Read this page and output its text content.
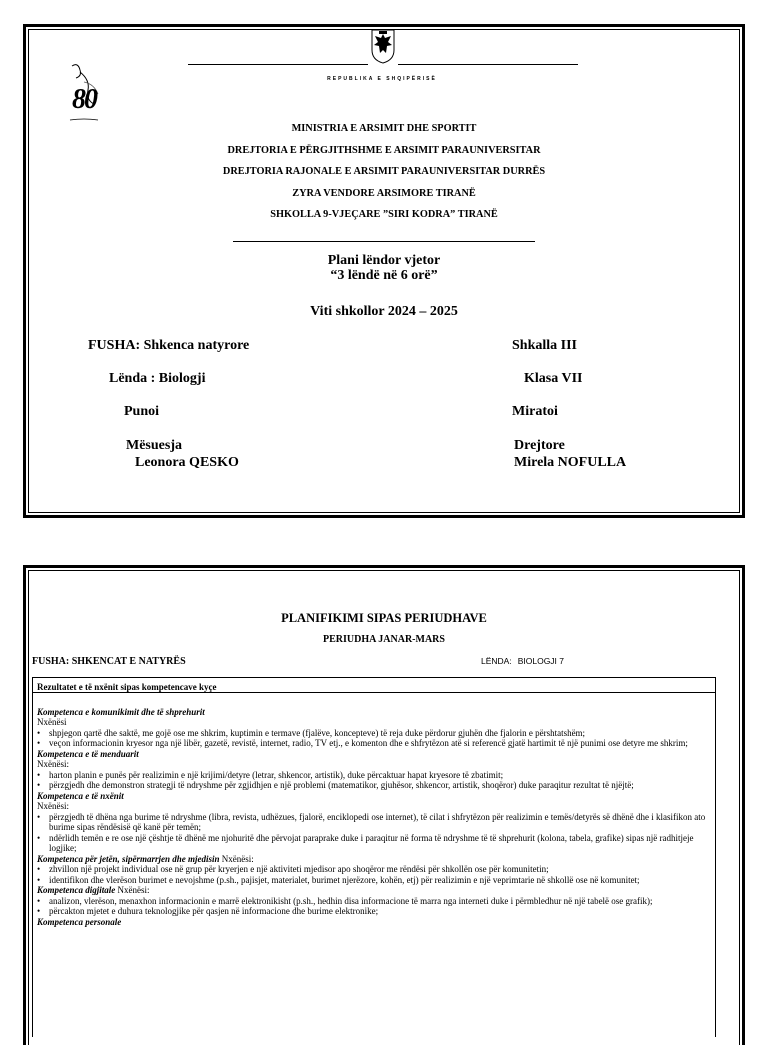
REPUBLIKA E SHQIPËRISË
80
MINISTRIA E ARSIMIT DHE SPORTIT
DREJTORIA E PËRGJITHSHME E ARSIMIT PARAUNIVERSITAR
DREJTORIA RAJONALE E ARSIMIT PARAUNIVERSITAR DURRËS
ZYRA VENDORE ARSIMORE TIRANË
SHKOLLA 9-VJEÇARE ”SIRI KODRA” TIRANË
Plani lëndor vjetor
“3 lëndë në 6 orë”
Viti shkollor 2024 – 2025
FUSHA: Shkenca natyrore	Shkalla III
Lënda : Biologji	Klasa VII
Punoi	Miratoi
Mësuesja
Leonora QESKO
Drejtore
Mirela NOFULLA
PLANIFIKIMI SIPAS PERIUDHAVE
PERIUDHA JANAR-MARS
FUSHA: SHKENCAT E NATYRËS	LËNDA: BIOLOGJI 7
Rezultatet e të nxënit sipas kompetencave kyçe
Kompetenca e komunikimit dhe të shprehurit
Nxënësi
• shpjegon qartë dhe saktë, me gojë ose me shkrim, kuptimin e termave (fjalëve, koncepteve) të reja duke përdorur gjuhën dhe fjalorin e përshtatshëm;
• veçon informacionin kryesor nga një libër, gazetë, revistë, internet, radio, TV etj., e komenton dhe e shfrytëzon atë si referencë gjatë hartimit të një punimi ose detyre me shkrim;
Kompetenca e të menduarit
Nxënësi:
• harton planin e punës për realizimin e një krijimi/detyre (letrar, shkencor, artistik), duke përcaktuar hapat kryesore të zbatimit;
• përzgjedh dhe demonstron strategji të ndryshme për zgjidhjen e një problemi (matematikor, gjuhësor, shkencor, artistik, shoqëror) duke paraqitur rezultat të njëjtë;
Kompetenca e të nxënit
Nxënësi:
• përzgjedh të dhëna nga burime të ndryshme (libra, revista, udhëzues, fjalorë, enciklopedi ose internet), të cilat i shfrytëzon për realizimin e temës/detyrës së dhënë dhe i klasifikon ato burime sipas rëndësisë që kanë për temën;
• ndërlidh temën e re ose një çështje të dhënë me njohuritë dhe përvojat paraprake duke i paraqitur në forma të ndryshme të të shprehurit (kolona, tabela, grafike) sipas një radhitjeje logjike;
Kompetenca për jetën, sipërmarrjen dhe mjedisin Nxënësi:
• zhvillon një projekt individual ose në grup për kryerjen e një aktiviteti mjedisor apo shoqëror me rëndësi për shkollën ose për komunitetin;
• identifikon dhe vlerëson burimet e nevojshme (p.sh., pajisjet, materialet, burimet njerëzore, kohën, etj) për realizimin e një veprimtarie në shkollë ose në komunitet;
Kompetenca digjitale Nxënësi:
• analizon, vlerëson, menaxhon informacionin e marrë elektronikisht (p.sh., hedhin disa informacione të marra nga interneti duke i përmbledhur në një tabelë ose grafik);
• përcakton mjetet e duhura teknologjike për qasjen në informacione dhe burime elektronike;
Kompetenca personale
